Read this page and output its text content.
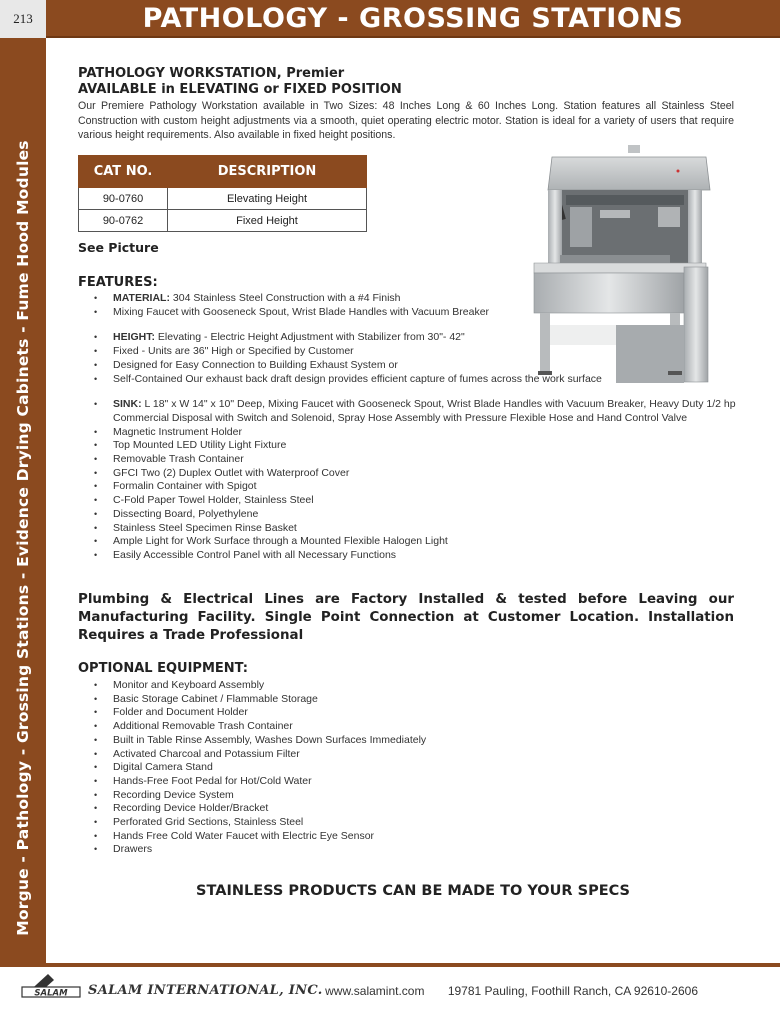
213	PATHOLOGY - GROSSING STATIONS
Morgue - Pathology - Grossing Stations - Evidence Drying Cabinets - Fume Hood Modules
PATHOLOGY WORKSTATION, Premier
AVAILABLE in ELEVATING or FIXED POSITION

Our Premiere Pathology Workstation available in Two Sizes: 48 Inches Long & 60 Inches Long. Station features all Stainless Steel Construction with custom height adjustments via a smooth, quiet operating electric motor. Station is ideal for a variety of users that require various height requirements. Also available in fixed height positions.

CAT NO.	DESCRIPTION
90-0760	Elevating Height
90-0762	Fixed Height
See Picture
FEATURES:
• MATERIAL: 304 Stainless Steel Construction with a #4 Finish
• Mixing Faucet with Gooseneck Spout, Wrist Blade Handles with Vacuum Breaker
• HEIGHT: Elevating - Electric Height Adjustment with Stabilizer from 30"- 42"
• Fixed - Units are 36" High or Specified by Customer
• Designed for Easy Connection to Building Exhaust System or
• Self-Contained Our exhaust back draft design provides efficient capture of fumes across the work surface
• SINK: L 18" x W 14" x 10" Deep, Mixing Faucet with Gooseneck Spout, Wrist Blade Handles with Vacuum Breaker, Heavy Duty 1/2 hp Commercial Disposal with Switch and Solenoid, Spray Hose Assembly with Pressure Flexible Hose and Hand Control Valve
• Magnetic Instrument Holder
• Top Mounted LED Utility Light Fixture
• Removable Trash Container
• GFCI Two (2) Duplex Outlet with Waterproof Cover
• Formalin Container with Spigot
• C-Fold Paper Towel Holder, Stainless Steel
• Dissecting Board, Polyethylene
• Stainless Steel Specimen Rinse Basket
• Ample Light for Work Surface through a Mounted Flexible Halogen Light
• Easily Accessible Control Panel with all Necessary Functions

Plumbing & Electrical Lines are Factory Installed & tested before Leaving our Manufacturing Facility. Single Point Connection at Customer Location. Installation Requires a Trade Professional

OPTIONAL EQUIPMENT:
• Monitor and Keyboard Assembly
• Basic Storage Cabinet / Flammable Storage
• Folder and Document Holder
• Additional Removable Trash Container
• Built in Table Rinse Assembly, Washes Down Surfaces Immediately
• Activated Charcoal and Potassium Filter
• Digital Camera Stand
• Hands-Free Foot Pedal for Hot/Cold Water
• Recording Device System
• Recording Device Holder/Bracket
• Perforated Grid Sections, Stainless Steel
• Hands Free Cold Water Faucet with Electric Eye Sensor
• Drawers
STAINLESS PRODUCTS CAN BE MADE TO YOUR SPECS
SALAM SALAM INTERNATIONAL, INC. www.salamint.com 19781 Pauling, Foothill Ranch, CA 92610-2606
